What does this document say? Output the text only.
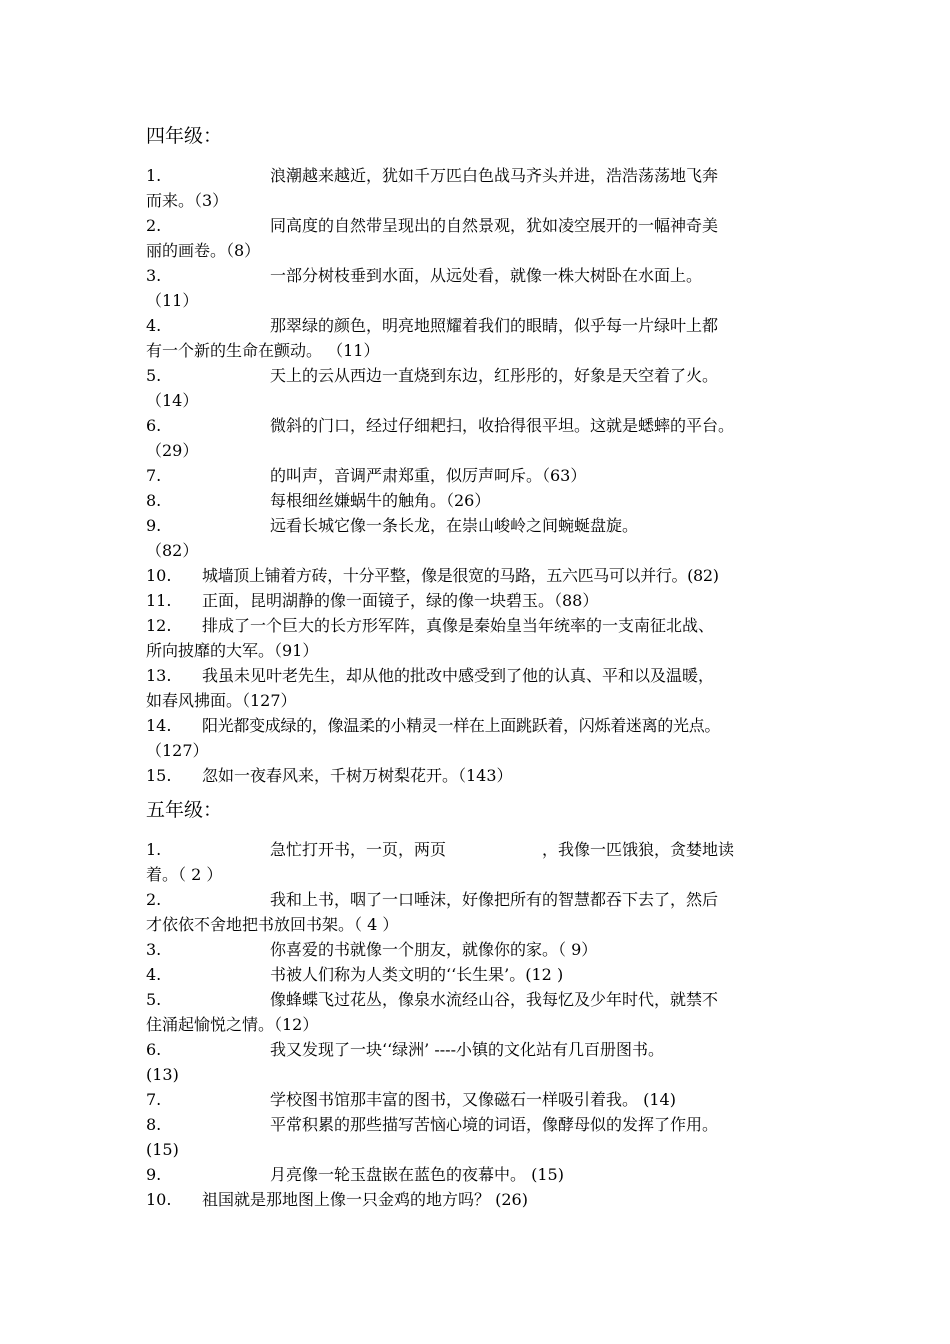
四年级：
1.	浪潮越来越近，犹如千万匹白色战马齐头并进，浩浩荡荡地飞奔
而来。（3）
2.	同高度的自然带呈现出的自然景观，犹如凌空展开的一幅神奇美
丽的画卷。（8）
3.	一部分树枝垂到水面，从远处看，就像一株大树卧在水面上。
（11）
4.	那翠绿的颜色，明亮地照耀着我们的眼睛，似乎每一片绿叶上都
有一个新的生命在颤动。 （11）
5.	天上的云从西边一直烧到东边，红彤彤的，好象是天空着了火。
（14）
6.	微斜的门口，经过仔细耙扫，收拾得很平坦。这就是蟋蟀的平台。
（29）
7.	的叫声，音调严肃郑重，似厉声呵斥。（63）
8.	每根细丝嫌蜗牛的触角。（26）
9.	远看长城它像一条长龙，在崇山峻岭之间蜿蜒盘旋。
（82）
10. 城墙顶上铺着方砖，十分平整，像是很宽的马路，五六匹马可以并行。(82)
11. 正面，昆明湖静的像一面镜子，绿的像一块碧玉。（88）
12. 排成了一个巨大的长方形军阵，真像是秦始皇当年统率的一支南征北战、
所向披靡的大军。（91）
13. 我虽未见叶老先生，却从他的批改中感受到了他的认真、平和以及温暖，
如春风拂面。（127）
14. 阳光都变成绿的，像温柔的小精灵一样在上面跳跃着，闪烁着迷离的光点。
（127）
15. 忽如一夜春风来，千树万树梨花开。（143）
五年级：
1.	急忙打开书，一页，两页　　　　　　，我像一匹饿狼，贪婪地读
着。（ 2 ）
2.	我和上书，咽了一口唾沫，好像把所有的智慧都吞下去了，然后
才依依不舍地把书放回书架。（ 4 ）
3.	你喜爱的书就像一个朋友，就像你的家。（ 9）
4.	书被人们称为人类文明的‘‘长生果’。(12 )
5.	像蜂蝶飞过花丛，像泉水流经山谷，我每忆及少年时代，就禁不
住涌起愉悦之情。（12）
6.	我又发现了一块‘‘绿洲’ ----小镇的文化站有几百册图书。
(13)
7.	学校图书馆那丰富的图书，又像磁石一样吸引着我。 (14)
8.	平常积累的那些描写苦恼心境的词语，像酵母似的发挥了作用。
(15)
9.	月亮像一轮玉盘嵌在蓝色的夜幕中。 (15)
10. 祖国就是那地图上像一只金鸡的地方吗？ (26)
